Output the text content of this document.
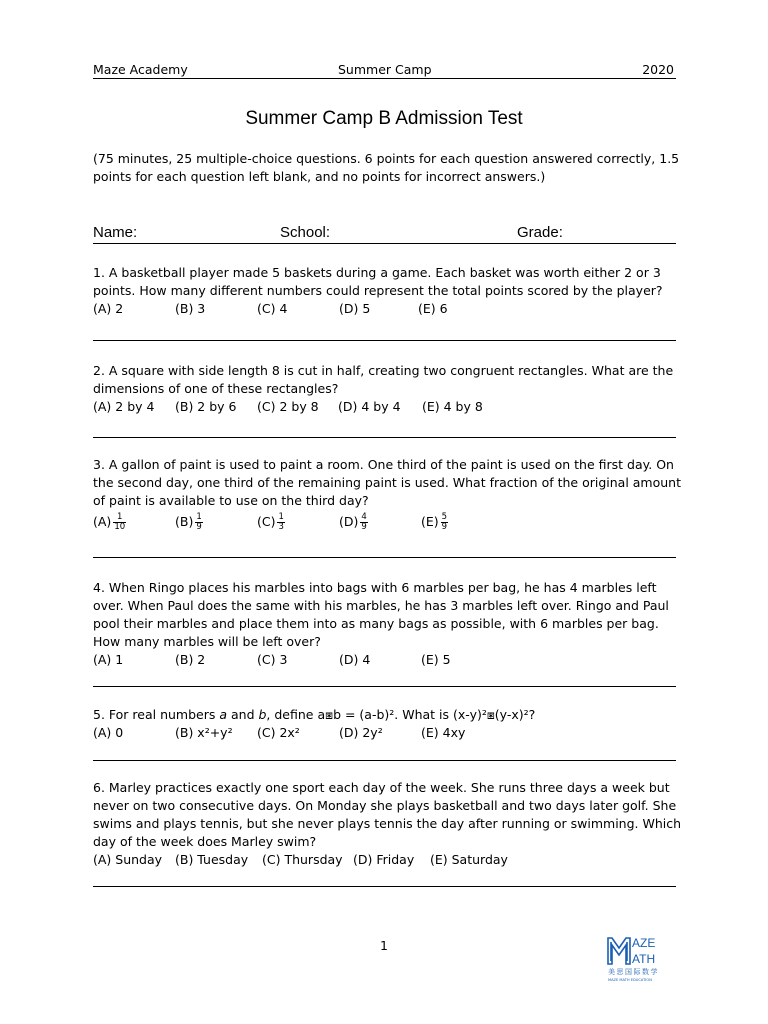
Maze Academy	Summer Camp	2020
Summer Camp B Admission Test
(75 minutes, 25 multiple-choice questions. 6 points for each question answered correctly, 1.5 points for each question left blank, and no points for incorrect answers.)
Name:	School:	Grade:

1. A basketball player made 5 baskets during a game. Each basket was worth either 2 or 3 points. How many different numbers could represent the total points scored by the player?

(A) 2	(B) 3	(C) 4	(D) 5	(E) 6

2. A square with side length 8 is cut in half, creating two congruent rectangles. What are the dimensions of one of these rectangles?

(A) 2 by 4 (B) 2 by 6 (C) 2 by 8 (D) 4 by 4 (E) 4 by 8

3. A gallon of paint is used to paint a room. One third of the paint is used on the first day. On the second day, one third of the remaining paint is used. What fraction of the original amount of paint is available to use on the third day?

$(A) \frac{1}{10}$	$(B) \frac{1}{9}$	$(C) \frac{1}{3}$	$(D) \frac{4}{9}$	$(E) \frac{5}{9}$

4. When Ringo places his marbles into bags with 6 marbles per bag, he has 4 marbles left over. When Paul does the same with his marbles, he has 3 marbles left over. Ringo and Paul pool their marbles and place them into as many bags as possible, with 6 marbles per bag. How many marbles will be left over?

(A) 1	(B) 2	(C) 3	(D) 4	(E) 5

5. For real numbers a and b, define a⧆b = (a-b)². What is (x-y)²⧆(y-x)²?

(A) 0	(B) x²+y² (C) 2x²	(D) 2y²	(E) 4xy

6. Marley practices exactly one sport each day of the week. She runs three days a week but never on two consecutive days. On Monday she plays basketball and two days later golf. She swims and plays tennis, but she never plays tennis the day after running or swimming. Which day of the week does Marley swim?

(A) Sunday (B) Tuesday (C) Thursday (D) Friday (E) Saturday
1	AZE
ATH
美思国际数学
MAZE MATH EDUCATION
